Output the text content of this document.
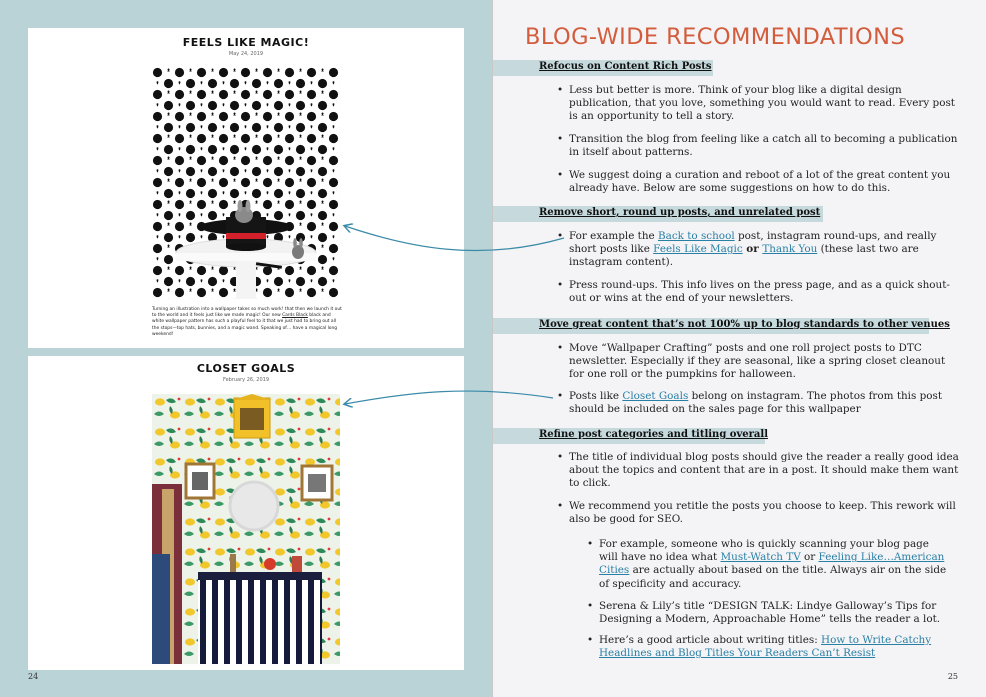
FEELS LIKE MAGIC!
May 24, 2019
Turning an illustration into a wallpaper takes so much work! that then we launch it out to the world and it feels just like we made magic! Our new Cards Black black and white wallpaper pattern has such a playful feel to it that we just had to bring out all the stops—top hats, bunnies, and a magic wand. Speaking of… have a magical long weekend!
CLOSET GOALS
February 26, 2019
24
BLOG-WIDE RECOMMENDATIONS
Refocus on Content Rich Posts
• Less but better is more. Think of your blog like a digital design publication, that you love, something you would want to read. Every post is an opportunity to tell a story.
• Transition the blog from feeling like a catch all to becoming a publication in itself about patterns.
• We suggest doing a curation and reboot of a lot of the great content you already have. Below are some suggestions on how to do this.
Remove short, round up posts, and unrelated post
• For example the Back to school post, instagram round-ups, and really short posts like Feels Like Magic or Thank You (these last two are instagram content).
• Press round-ups. This info lives on the press page, and as a quick shout-out or wins at the end of your newsletters.
Move great content that’s not 100% up to blog standards to other venues
• Move “Wallpaper Crafting” posts and one roll project posts to DTC newsletter. Especially if they are seasonal, like a spring closet cleanout for one roll or the pumpkins for halloween.
• Posts like Closet Goals belong on instagram. The photos from this post should be included on the sales page for this wallpaper
Refine post categories and titling overall
• The title of individual blog posts should give the reader a really good idea about the topics and content that are in a post. It should make them want to click.
• We recommend you retitle the posts you choose to keep. This rework will also be good for SEO.
• For example, someone who is quickly scanning your blog page will have no idea what Must-Watch TV or Feeling Like…American Cities are actually about based on the title. Always air on the side of specificity and accuracy.
• Serena & Lily’s title “DESIGN TALK: Lindye Galloway’s Tips for Designing a Modern, Approachable Home” tells the reader a lot.
• Here’s a good article about writing titles: How to Write Catchy Headlines and Blog Titles Your Readers Can’t Resist
25
